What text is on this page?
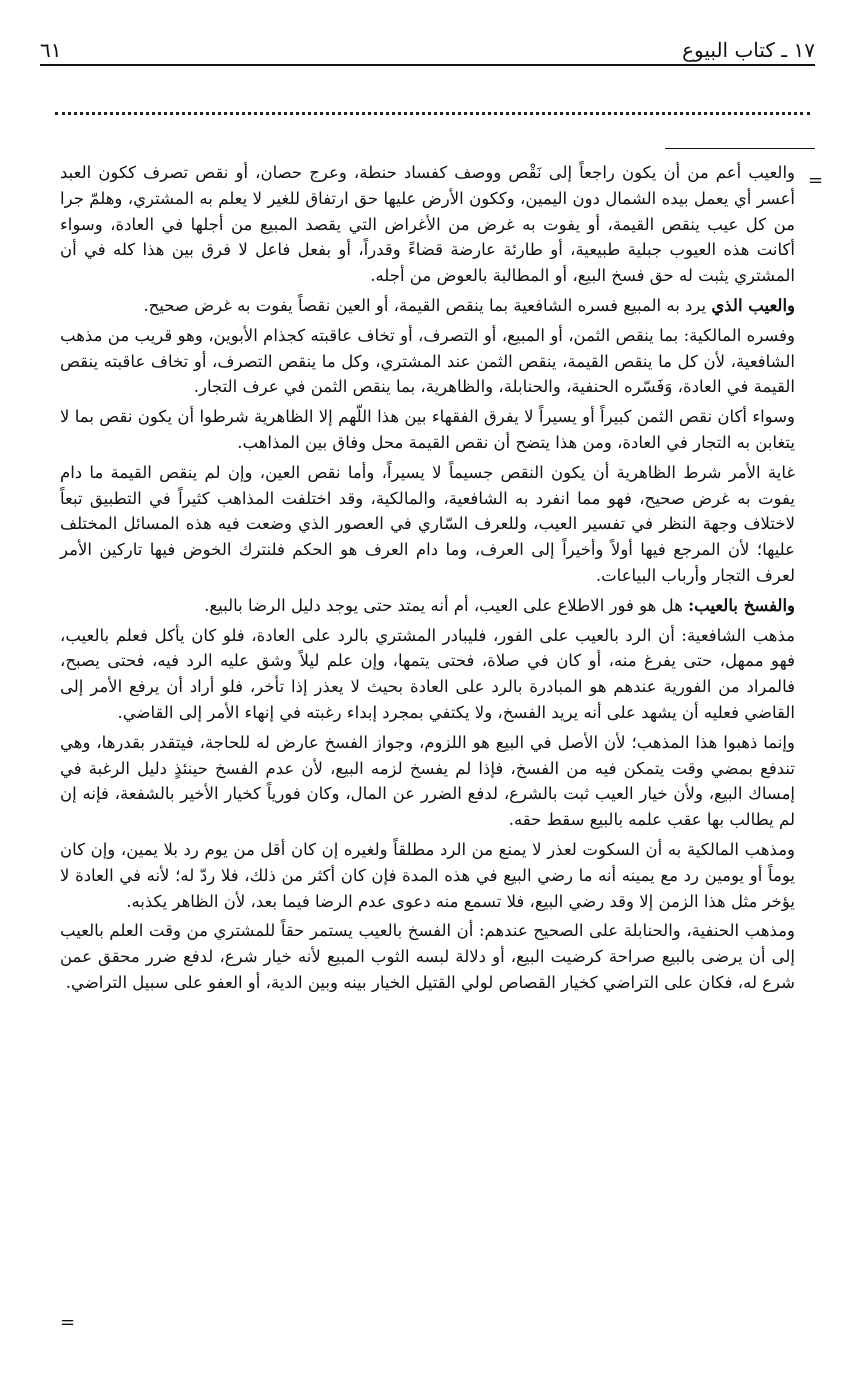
٦١	١٧ ـ كتاب البيوع
=

والعيب أعم من أن يكون راجعاً إلى نَقْص ووصف كفساد حنطة، وعرج حصان، أو نقص تصرف ككون العبد أعسر أي يعمل بيده الشمال دون اليمين، وككون الأرض عليها حق ارتفاق للغير لا يعلم به المشتري، وهلمّ جرا من كل عيب ينقص القيمة، أو يفوت به غرض من الأغراض التي يقصد المبيع من أجلها في العادة، وسواء أكانت هذه العيوب جبلية طبيعية، أو طارئة عارضة قضاءً وقدراً، أو بفعل فاعل لا فرق بين هذا كله في أن المشتري يثبت له حق فسخ البيع، أو المطالبة بالعوض من أجله.

والعيب الذي يرد به المبيع فسره الشافعية بما ينقص القيمة، أو العين نقصاً يفوت به غرض صحيح.

وفسره المالكية: بما ينقص الثمن، أو المبيع، أو التصرف، أو تخاف عاقبته كجذام الأبوين، وهو قريب من مذهب الشافعية، لأن كل ما ينقص القيمة، ينقص الثمن عند المشتري، وكل ما ينقص التصرف، أو تخاف عاقبته ينقص القيمة في العادة، وَفَسّره الحنفية، والحنابلة، والظاهرية، بما ينقص الثمن في عرف التجار.

وسواء أكان نقص الثمن كبيراً أو يسيراً لا يفرق الفقهاء بين هذا اللّهم إلا الظاهرية شرطوا أن يكون نقص بما لا يتغابن به التجار في العادة، ومن هذا يتضح أن نقص القيمة محل وفاق بين المذاهب.

غاية الأمر شرط الظاهرية أن يكون النقص جسيماً لا يسيراً، وأما نقص العين، وإن لم ينقص القيمة ما دام يفوت به غرض صحيح، فهو مما انفرد به الشافعية، والمالكية، وقد اختلفت المذاهب كثيراً في التطبيق تبعاً لاختلاف وجهة النظر في تفسير العيب، وللعرف السّاري في العصور الذي وضعت فيه هذه المسائل المختلف عليها؛ لأن المرجع فيها أولاً وأخيراً إلى العرف، وما دام العرف هو الحكم فلنترك الخوض فيها تاركين الأمر لعرف التجار وأرباب البياعات.

والفسخ بالعيب: هل هو فور الاطلاع على العيب، أم أنه يمتد حتى يوجد دليل الرضا بالبيع.

مذهب الشافعية: أن الرد بالعيب على الفور، فليبادر المشتري بالرد على العادة، فلو كان يأكل فعلم بالعيب، فهو ممهل، حتى يفرغ منه، أو كان في صلاة، فحتى يتمها، وإن علم ليلاً وشق عليه الرد فيه، فحتى يصبح، فالمراد من الفورية عندهم هو المبادرة بالرد على العادة بحيث لا يعذر إذا تأخر، فلو أراد أن يرفع الأمر إلى القاضي فعليه أن يشهد على أنه يريد الفسخ، ولا يكتفي بمجرد إبداء رغبته في إنهاء الأمر إلى القاضي.

وإنما ذهبوا هذا المذهب؛ لأن الأصل في البيع هو اللزوم، وجواز الفسخ عارض له للحاجة، فيتقدر بقدرها، وهي تندفع بمضي وقت يتمكن فيه من الفسخ، فإذا لم يفسخ لزمه البيع، لأن عدم الفسخ حينئذٍ دليل الرغبة في إمساك البيع، ولأن خيار العيب ثبت بالشرع، لدفع الضرر عن المال، وكان فورياً كخيار الأخير بالشفعة، فإنه إن لم يطالب بها عقب علمه بالبيع سقط حقه.

ومذهب المالكية به أن السكوت لعذر لا يمنع من الرد مطلقاً ولغيره إن كان أقل من يوم رد بلا يمين، وإن كان يوماً أو يومين رد مع يمينه أنه ما رضي البيع في هذه المدة فإن كان أكثر من ذلك، فلا ردّ له؛ لأنه في العادة لا يؤخر مثل هذا الزمن إلا وقد رضي البيع، فلا تسمع منه دعوى عدم الرضا فيما بعد، لأن الظاهر يكذبه.

ومذهب الحنفية، والحنابلة على الصحيح عندهم: أن الفسخ بالعيب يستمر حقاً للمشتري من وقت العلم بالعيب إلى أن يرضى بالبيع صراحة كرضيت البيع، أو دلالة لبسه الثوب المبيع لأنه خيار شرع، لدفع ضرر محقق عمن شرع له، فكان على التراضي كخيار القصاص لولي القتيل الخيار بينه وبين الدية، أو العفو على سبيل التراضي.

=
